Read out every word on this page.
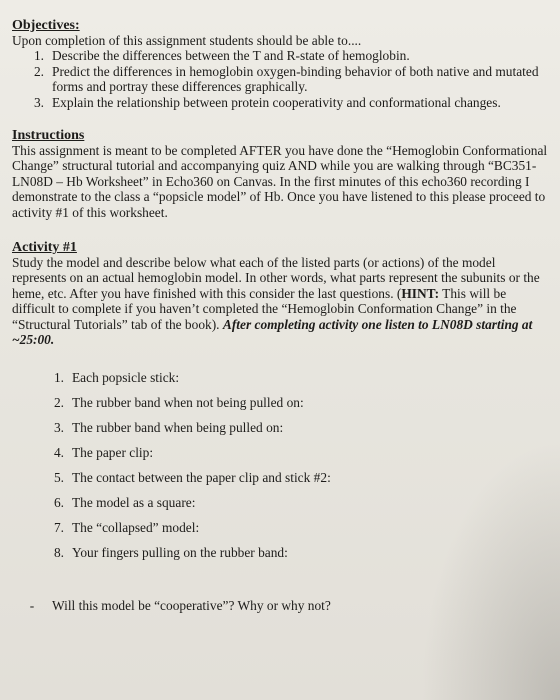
Objectives:

Upon completion of this assignment students should be able to....

1. Describe the differences between the T and R-state of hemoglobin.
2. Predict the differences in hemoglobin oxygen-binding behavior of both native and mutated forms and portray these differences graphically.
3. Explain the relationship between protein cooperativity and conformational changes.

Instructions

This assignment is meant to be completed AFTER you have done the “Hemoglobin Conformational Change” structural tutorial and accompanying quiz AND while you are walking through “BC351- LN08D – Hb Worksheet” in Echo360 on Canvas. In the first minutes of this echo360 recording I demonstrate to the class a “popsicle model” of Hb. Once you have listened to this please proceed to activity #1 of this worksheet.

Activity #1

Study the model and describe below what each of the listed parts (or actions) of the model represents on an actual hemoglobin model. In other words, what parts represent the subunits or the heme, etc. After you have finished with this consider the last questions. (HINT: This will be difficult to complete if you haven’t completed the “Hemoglobin Conformation Change” in the “Structural Tutorials” tab of the book). After completing activity one listen to LN08D starting at ~25:00.

1. Each popsicle stick:
2. The rubber band when not being pulled on:
3. The rubber band when being pulled on:
4. The paper clip:
5. The contact between the paper clip and stick #2:
6. The model as a square:
7. The “collapsed” model:
8. Your fingers pulling on the rubber band:
-	Will this model be “cooperative”? Why or why not?
